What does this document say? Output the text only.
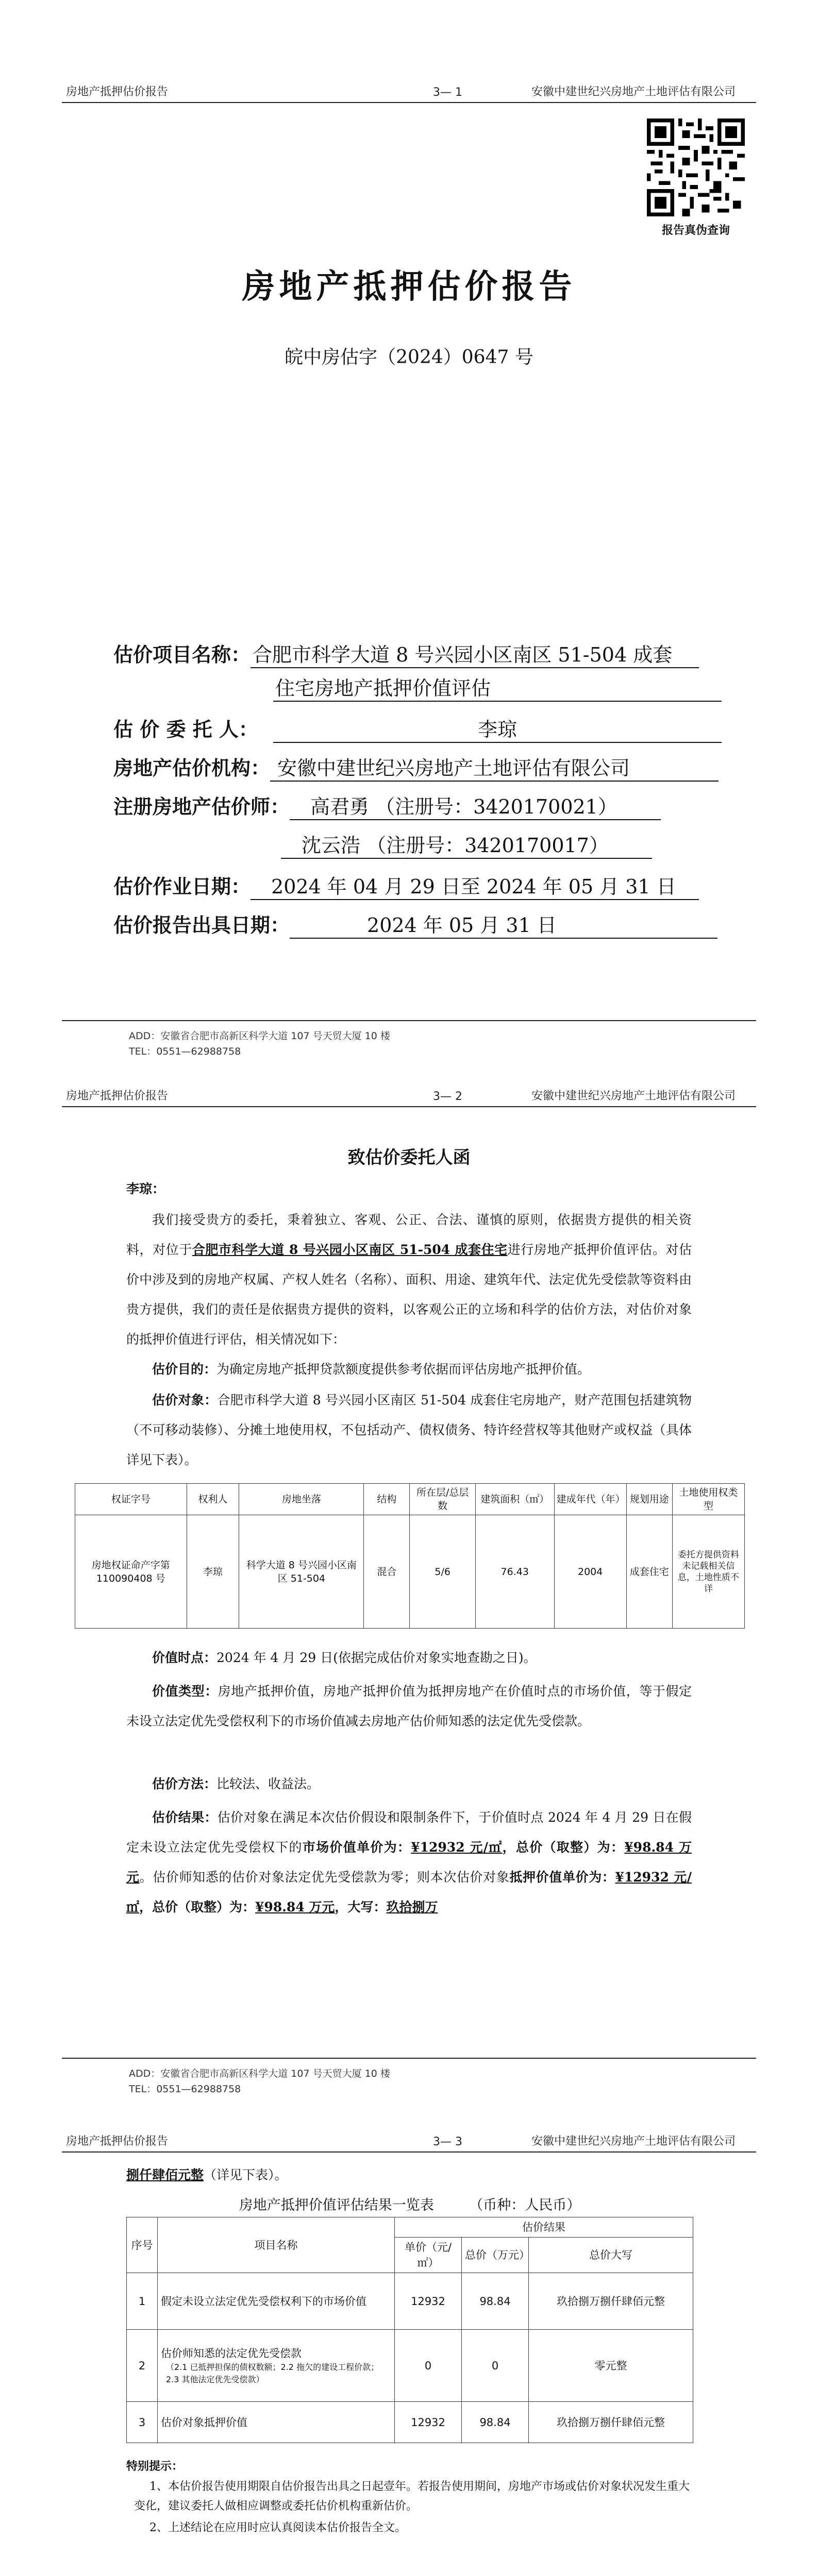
房地产抵押估价报告	3— 1	安徽中建世纪兴房地产土地评估有限公司
报告真伪查询
房地产抵押估价报告
皖中房估字（2024）0647 号
估价项目名称： 合肥市科学大道 8 号兴园小区南区 51-504 成套
住宅房地产抵押价值评估
估 价 委 托 人：	李琼
房地产估价机构： 安徽中建世纪兴房地产土地评估有限公司
注册房地产估价师： 高君勇 （注册号：3420170021）
沈云浩 （注册号：3420170017）
估价作业日期： 2024 年 04 月 29 日至 2024 年 05 月 31 日
估价报告出具日期：	2024 年 05 月 31 日
ADD：安徽省合肥市高新区科学大道 107 号天贸大厦 10 楼
TEL：0551—62988758
房地产抵押估价报告	3— 2	安徽中建世纪兴房地产土地评估有限公司
致估价委托人函
李琼：
我们接受贵方的委托，秉着独立、客观、公正、合法、谨慎的原则，依据贵方提供的相关资料，对位于合肥市科学大道 8 号兴园小区南区 51-504 成套住宅进行房地产抵押价值评估。对估价中涉及到的房地产权属、产权人姓名（名称）、面积、用途、建筑年代、法定优先受偿款等资料由贵方提供，我们的责任是依据贵方提供的资料，以客观公正的立场和科学的估价方法，对估价对象的抵押价值进行评估，相关情况如下：
估价目的：为确定房地产抵押贷款额度提供参考依据而评估房地产抵押价值。
估价对象：合肥市科学大道 8 号兴园小区南区 51-504 成套住宅房地产，财产范围包括建筑物（不可移动装修）、分摊土地使用权，不包括动产、债权债务、特许经营权等其他财产或权益（具体详见下表）。
权证字号	权利人	房地坐落	结构	所在层/总层数	建筑面积（㎡）	建成年代（年）	规划用途	土地使用权类型
房地权证命产字第 110090408 号	李琼	科学大道 8 号兴园小区南区 51-504	混合	5/6	76.43	2004	成套住宅	委托方提供资料未记载相关信息，土地性质不详
价值时点：2024 年 4 月 29 日(依据完成估价对象实地查勘之日)。
价值类型：房地产抵押价值，房地产抵押价值为抵押房地产在价值时点的市场价值，等于假定未设立法定优先受偿权利下的市场价值减去房地产估价师知悉的法定优先受偿款。
估价方法：比较法、收益法。
估价结果：估价对象在满足本次估价假设和限制条件下，于价值时点 2024 年 4 月 29 日在假定未设立法定优先受偿权下的市场价值单价为：¥12932 元/㎡，总价（取整）为：¥98.84 万元。估价师知悉的估价对象法定优先受偿款为零；则本次估价对象抵押价值单价为：¥12932 元/㎡，总价（取整）为：¥98.84 万元，大写：玖拾捌万
ADD：安徽省合肥市高新区科学大道 107 号天贸大厦 10 楼
TEL：0551—62988758
房地产抵押估价报告	3— 3	安徽中建世纪兴房地产土地评估有限公司
捌仟肆佰元整（详见下表）。
房地产抵押价值评估结果一览表	（币种：人民币）
序号	项目名称	估价结果		
		单价（元/㎡）	总价（万元）	总价大写
1	假定未设立法定优先受偿权利下的市场价值	12932	98.84	玖拾捌万捌仟肆佰元整
2	估价师知悉的法定优先受偿款
（2.1 已抵押担保的债权数额；2.2 拖欠的建设工程价款；2.3 其他法定优先受偿款）	0	0	零元整
3	估价对象抵押价值	12932	98.84	玖拾捌万捌仟肆佰元整
特别提示：
1、本估价报告使用期限自估价报告出具之日起壹年。若报告使用期间，房地产市场或估价对象状况发生重大变化，建议委托人做相应调整或委托估价机构重新估价。
2、上述结论在应用时应认真阅读本估价报告全文。
